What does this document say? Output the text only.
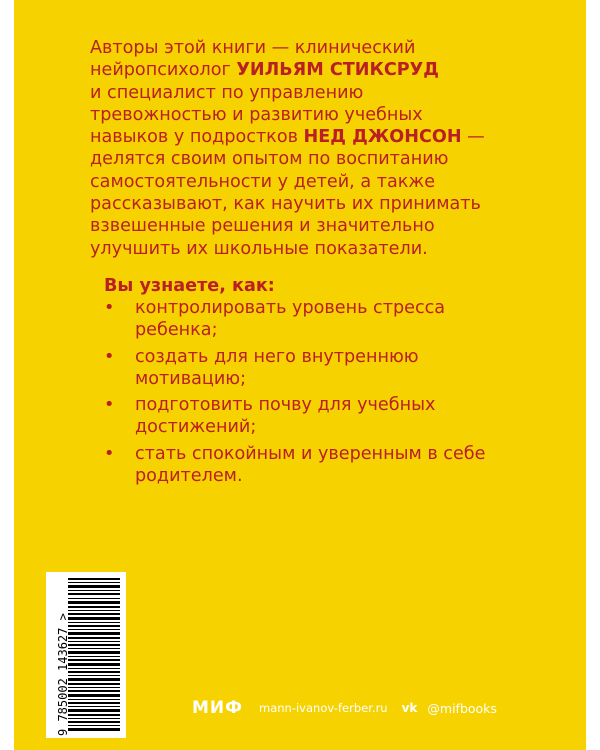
Авторы этой книги — клинический
нейропсихолог УИЛЬЯМ СТИКСРУД
и специалист по управлению
тревожностью и развитию учебных
навыков у подростков НЕД ДЖОНСОН —
делятся своим опытом по воспитанию
самостоятельности у детей, а также
рассказывают, как научить их принимать
взвешенные решения и значительно
улучшить их школьные показатели.
Вы узнаете, как:
•	контролировать уровень стресса
ребенка;
•	создать для него внутреннюю
мотивацию;
•	подготовить почву для учебных
достижений;
•	стать спокойным и уверенным в себе
родителем.
9 785002 143627 >	МИФ mann-ivanov-ferber.ru vk @mifbooks
